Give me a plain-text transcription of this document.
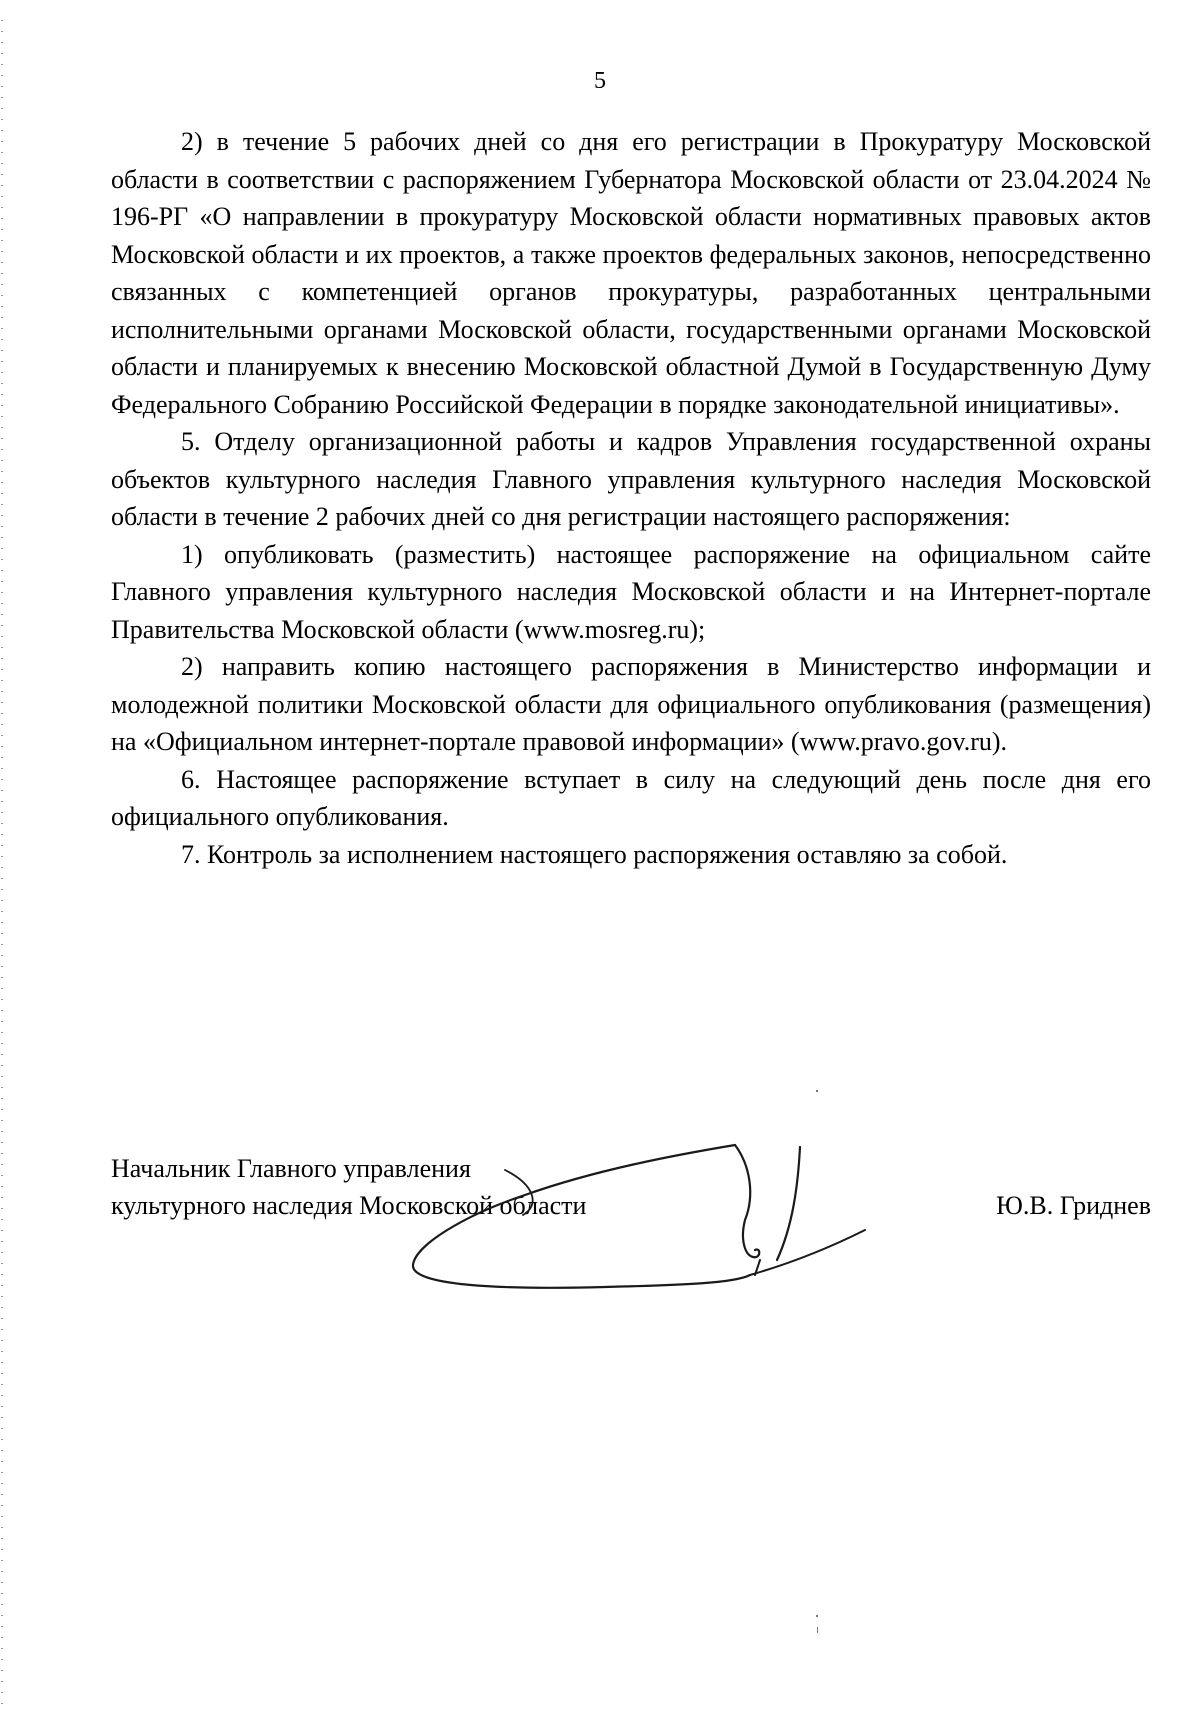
5

2) в течение 5 рабочих дней со дня его регистрации в Прокуратуру Московской области в соответствии с распоряжением Губернатора Московской области от 23.04.2024 № 196-РГ «О направлении в прокуратуру Московской области нормативных правовых актов Московской области и их проектов, а также проектов федеральных законов, непосредственно связанных с компетенцией органов прокуратуры, разработанных центральными исполнительными органами Московской области, государственными органами Московской области и планируемых к внесению Московской областной Думой в Государственную Думу Федерального Собранию Российской Федерации в порядке законодательной инициативы».

5. Отделу организационной работы и кадров Управления государственной охраны объектов культурного наследия Главного управления культурного наследия Московской области в течение 2 рабочих дней со дня регистрации настоящего распоряжения:

1) опубликовать (разместить) настоящее распоряжение на официальном сайте Главного управления культурного наследия Московской области и на Интернет-портале Правительства Московской области (www.mosreg.ru);

2) направить копию настоящего распоряжения в Министерство информации и молодежной политики Московской области для официального опубликования (размещения) на «Официальном интернет-портале правовой информации» (www.pravo.gov.ru).

6. Настоящее распоряжение вступает в силу на следующий день после дня его официального опубликования.

7. Контроль за исполнением настоящего распоряжения оставляю за собой.

Начальник Главного управления

культурного наследия Московской области	Ю.В. Гриднев
